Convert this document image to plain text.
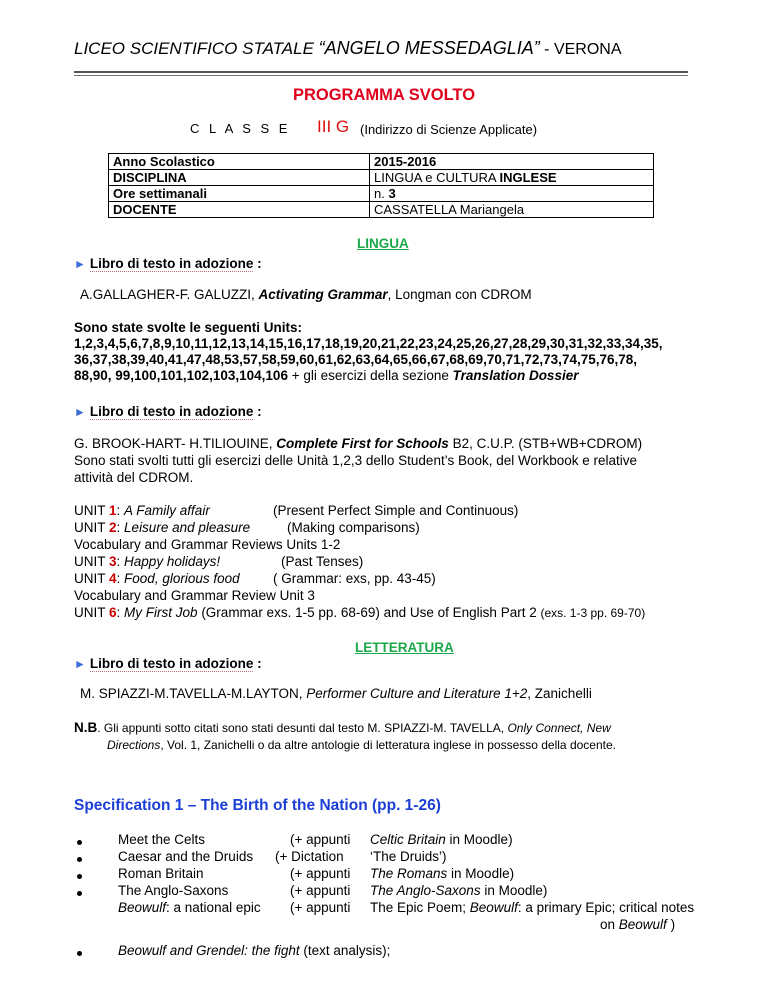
LICEO SCIENTIFICO STATALE “ANGELO MESSEDAGLIA” - VERONA
PROGRAMMA SVOLTO
C L A S S E III G (Indirizzo di Scienze Applicate)
Anno Scolastico	2015-2016
DISCIPLINA	LINGUA e CULTURA INGLESE
Ore settimanali	n. 3
DOCENTE	CASSATELLA Mariangela
LINGUA
► Libro di testo in adozione :
A.GALLAGHER-F. GALUZZI, Activating Grammar, Longman con CDROM
Sono state svolte le seguenti Units:
1,2,3,4,5,6,7,8,9,10,11,12,13,14,15,16,17,18,19,20,21,22,23,24,25,26,27,28,29,30,31,32,33,34,35,
36,37,38,39,40,41,47,48,53,57,58,59,60,61,62,63,64,65,66,67,68,69,70,71,72,73,74,75,76,78,
88,90, 99,100,101,102,103,104,106 + gli esercizi della sezione Translation Dossier
► Libro di testo in adozione :
G. BROOK-HART- H.TILIOUINE, Complete First for Schools B2, C.U.P. (STB+WB+CDROM)
Sono stati svolti tutti gli esercizi delle Unità 1,2,3 dello Student’s Book, del Workbook e relative
attività del CDROM.
UNIT 1: A Family affair	(Present Perfect Simple and Continuous)
UNIT 2: Leisure and pleasure	(Making comparisons)
Vocabulary and Grammar Reviews Units 1-2
UNIT 3: Happy holidays!	(Past Tenses)
UNIT 4: Food, glorious food ( Grammar: exs, pp. 43-45)
Vocabulary and Grammar Review Unit 3
UNIT 6: My First Job (Grammar exs. 1-5 pp. 68-69) and Use of English Part 2 (exs. 1-3 pp. 69-70)
LETTERATURA
► Libro di testo in adozione :
M. SPIAZZI-M.TAVELLA-M.LAYTON, Performer Culture and Literature 1+2, Zanichelli
N.B. Gli appunti sotto citati sono stati desunti dal testo M. SPIAZZI-M. TAVELLA, Only Connect, New
Directions, Vol. 1, Zanichelli o da altre antologie di letteratura inglese in possesso della docente.
Specification 1 – The Birth of the Nation (pp. 1-26)
Meet the Celts	(+ appunti Celtic Britain in Moodle)
Caesar and the Druids (+ Dictation ‘The Druids’)
Roman Britain	(+ appunti The Romans in Moodle)
The Anglo-Saxons	(+ appunti The Anglo-Saxons in Moodle)
Beowulf: a national epic (+ appunti The Epic Poem; Beowulf: a primary Epic; critical notes
on Beowulf )
Beowulf and Grendel: the fight (text analysis);
